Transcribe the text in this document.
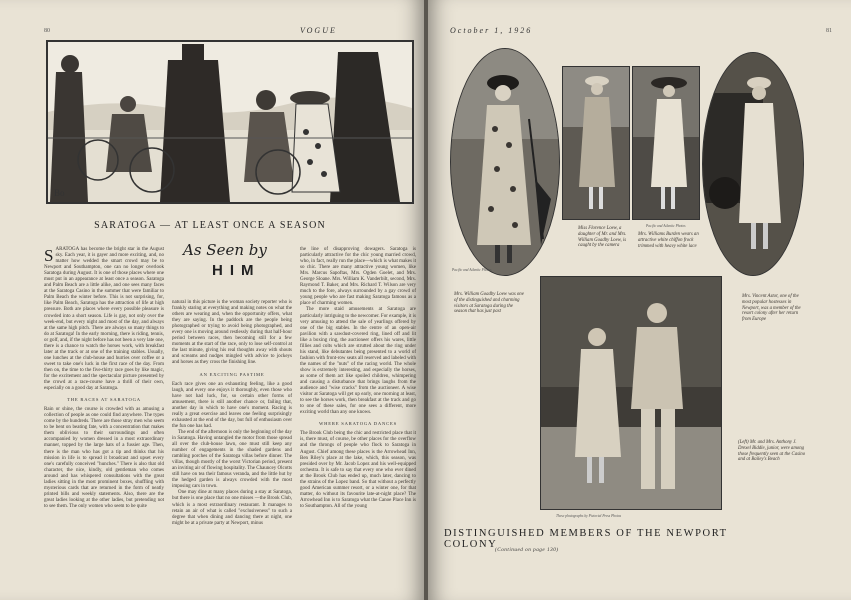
80	VOGUE
Bo
SARATOGA — AT LEAST ONCE A SEASON
As Seen by
HIM
SARATOGA has become the bright star in the August sky. Each year, it is gayer and more exciting, and, no matter how wedded the smart crowd may be to Newport and Southampton, one can no longer overlook Saratoga during August. It is one of those places where one must put in an appearance at least once a season. Saratoga and Palm Beach are a little alike, and one sees many faces at the Saratoga Casino in the summer that were familiar to Palm Beach the winter before. This is not surprising, for, like Palm Beach, Saratoga has the attraction of life at high pressure. Both are places where every possible pleasure is crowded into a short season. Life is gay, not only over the week-end, but every night and most of the day, and always at the same high pitch. There are always so many things to do at Saratoga! In the early morning, there is riding, tennis, or golf, and, if the night before has not been a very late one, there is a chance to watch the horses work, with breakfast later at the track or at one of the training stables. Usually, one lunches at the club-house and hurries over coffee or a sweet to take one's luck in the first race of the day. From then on, the time to the five-thirty race goes by like magic, for the excitement and the spectacular picture presented by the crowd at a race-course have a thrill of their own, especially on a good day at Saratoga.
THE RACES AT SARATOGA
Rain or shine, the course is crowded with as amusing a collection of people as one could find anywhere. The types come by the hundreds. There are those stray men who seem to be bent on beating fate, with a concentration that makes them oblivious to their surroundings and often accompanied by women dressed in a most extraordinary manner, topped by the large hats of a fussier age. Then, there is the man who has got a tip and thinks that his mission in life is to spread it broadcast and upset every one's carefully conceived "hunches." There is also that old character, the nice, kindly, old gentleman who comes around and has whispered consultations with the great ladies sitting in the most prominent boxes, shuffling with mysterious cards that are returned in the form of neatly printed bills and weekly statements. Also, there are the great ladies looking at the other ladies, but pretending not to see them. The only women who seem to be quite
natural in this picture is the woman society reporter who is frankly staring at everything and making notes on what the others are wearing and, when the opportunity offers, what they are saying. In the paddock are the people being photographed or trying to avoid being photographed, and every one is moving around restlessly during that half-hour period between races, then becoming still for a few moments at the start of the race, only to lose self-control at the last minute, giving his real thoughts away with shouts and screams and nudges mingled with advice to jockeys and horses as they cross the finishing line.
AN EXCITING PASTIME
Each race gives one an exhausting feeling, like a good laugh, and every one enjoys it thoroughly, even those who have not had luck, for, so certain other forms of amusement, there is still another chance or, failing that, another day in which to have one's moment. Racing is really a great exercise and leaves one feeling surprisingly exhausted at the end of the day, but full of enthusiasm over the fun one has had.
The end of the afternoon is only the beginning of the day in Saratoga. Having untangled the motor from those spread all over the club-house lawn, one must still keep any number of engagements in the shaded gardens and rambling porches of the Saratoga villas before dinner. The villas, though mostly of the worst Victorian period, present an inviting air of flowing hospitality. The Chauncey Olcotts still have on tea their famous veranda, and the little hut by the hedged garden is always crowded with the most imposing cars in town.
One may dine at many places during a stay at Saratoga, but there is one place that no one misses —the Brook Club, which is a most extraordinary restaurant. It manages to retain an air of what is called "exclusiveness" to such a degree that when dining and dancing there at night, one might be at a private party at Newport, minus
the line of disapproving dowagers. Saratoga is particularly attractive for the chic young married crowd, who, in fact, really run the place—which is what makes it so chic. There are many attractive young women, like Mrs. Marcus Sapoftas, Mrs. Ogden Goelet, and Mrs. George Sloane. Mrs. William K. Vanderbilt, second, Mrs. Raymond T. Baker, and Mrs. Richard T. Wilson are very much to the fore, always surrounded by a gay crowd of young people who are fast making Saratoga famous as a place of charming women.
The more staid amusements at Saratoga are particularly intriguing to the newcomer. For example, it is very amusing to attend the sale of yearlings offered by one of the big stables. In the centre of an open-air pavilion with a sawdust-covered ring, lined off and lit like a boxing ring, the auctioneer offers his wares, little fillies and colts which are strutted about the ring under his stand, like debutantes being presented to a world of fashion with front-row seats all reserved and labeled with the names of the "nuts" of the racing world. The whole show is extremely interesting, and especially the horses, as some of them act like spoiled children, whimpering and causing a disturbance that brings laughs from the audience and "wise cracks" from the auctioneer. A wise visitor at Saratoga will get up early, one morning at least, to see the horses work, then breakfast at the track and go to one of these sales, for one sees a different, more exciting world than any one knows.
WHERE SARATOGA DANCES
The Brook Club being the chic and restricted place that it is, there must, of course, be other places for the overflow and the throngs of people who flock to Saratoga in August. Chief among these places is the Arrowhead Inn, Ben Riley's place at the lake, which, this season, was presided over by Mr. Jacob Lopez and his well-equipped orchestra. It is safe to say that every one who ever dined at the Brook Club has ended up, much later, dancing to the strains of the Lopez band. So that without a perfectly good American summer resort, or a winter one, for that matter, do without its favourite late-at-night place? The Arrowhead Inn is to Saratoga what the Canoe Place Inn is to Southampton. All of the young
October 1, 1926	81
Pacific and Atlantic Photos
Mrs. William Goadby Loew was one of the distinguished and charming visitors at Saratoga during the season that has just past
Pacific and Atlantic Photos
Miss Florence Loew, a daughter of Mr. and Mrs. William Goadby Loew, is caught by the camera
Mrs. Williams Burden wears an attractive white chiffon frock trimmed with heavy white lace
Mrs. Vincent Astor, one of the most popular hostesses in Newport, was a member of the resort colony after her return from Europe
These photographs by Pictorial Press Photos
(Left) Mr. and Mrs. Anthony J. Drexel Biddle, junior, were among those frequently seen at the Casino and at Bailey's Beach
DISTINGUISHED MEMBERS OF THE NEWPORT COLONY
(Continued on page 130)
